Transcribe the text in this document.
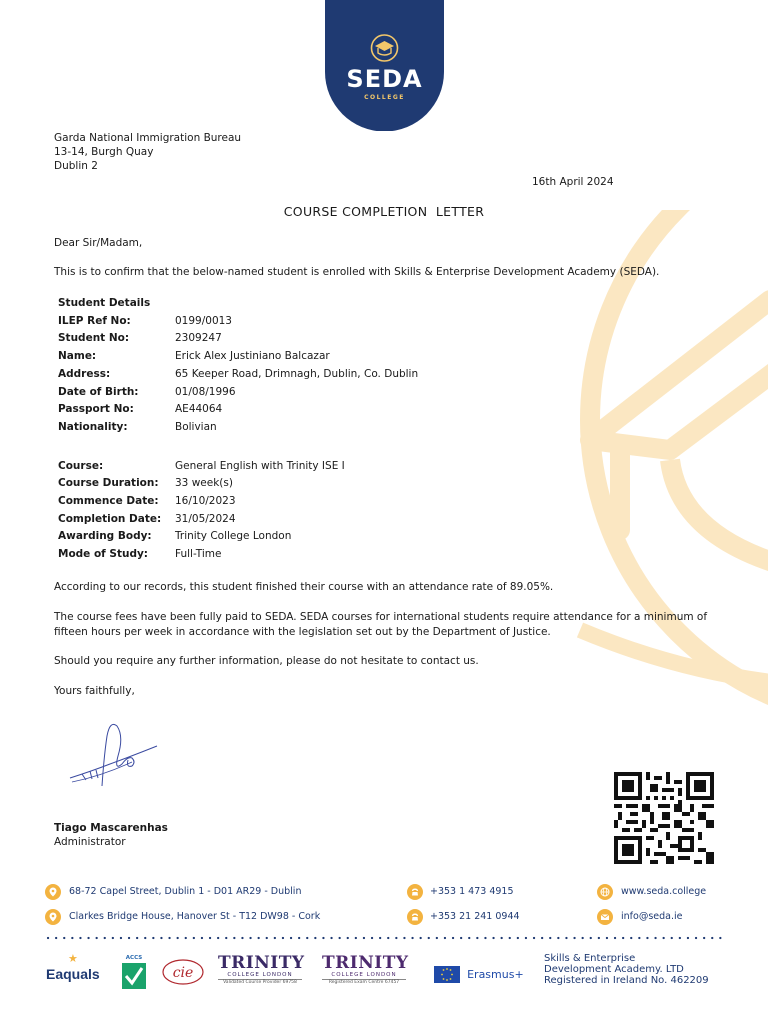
SEDA
COLLEGE
Garda National Immigration Bureau
13-14, Burgh Quay
Dublin 2
16th April 2024
COURSE COMPLETION  LETTER
Dear Sir/Madam,
This is to confirm that the below-named student is enrolled with Skills & Enterprise Development Academy (SEDA).
Student Details
ILEP Ref No:	0199/0013
Student No:	2309247
Name:	Erick Alex Justiniano Balcazar
Address:	65 Keeper Road, Drimnagh, Dublin, Co. Dublin
Date of Birth:	01/08/1996
Passport No:	AE44064
Nationality:	Bolivian
Course:	General English with Trinity ISE I
Course Duration: 33 week(s)
Commence Date: 16/10/2023
Completion Date: 31/05/2024
Awarding Body: Trinity College London
Mode of Study:	Full-Time
According to our records, this student finished their course with an attendance rate of 89.05%.
The course fees have been fully paid to SEDA. SEDA courses for international students require attendance for a minimum of fifteen hours per week in accordance with the legislation set out by the Department of Justice.
Should you require any further information, please do not hesitate to contact us.
Yours faithfully,
Tiago Mascarenhas
Administrator
68-72 Capel Street, Dublin 1 - D01 AR29 - Dublin
Clarkes Bridge House, Hanover St - T12 DW98 - Cork
+353 1 473 4915
+353 21 241 0944
www.seda.college
info@seda.ie
★
Eaquals
ACCS
cie TRINITY
COLLEGE LONDON
Validated Course Provider 69758
TRINITY
COLLEGE LONDON
Registered Exam Centre 67457
Erasmus+
Skills & Enterprise
Development Academy. LTD
Registered in Ireland No. 462209
